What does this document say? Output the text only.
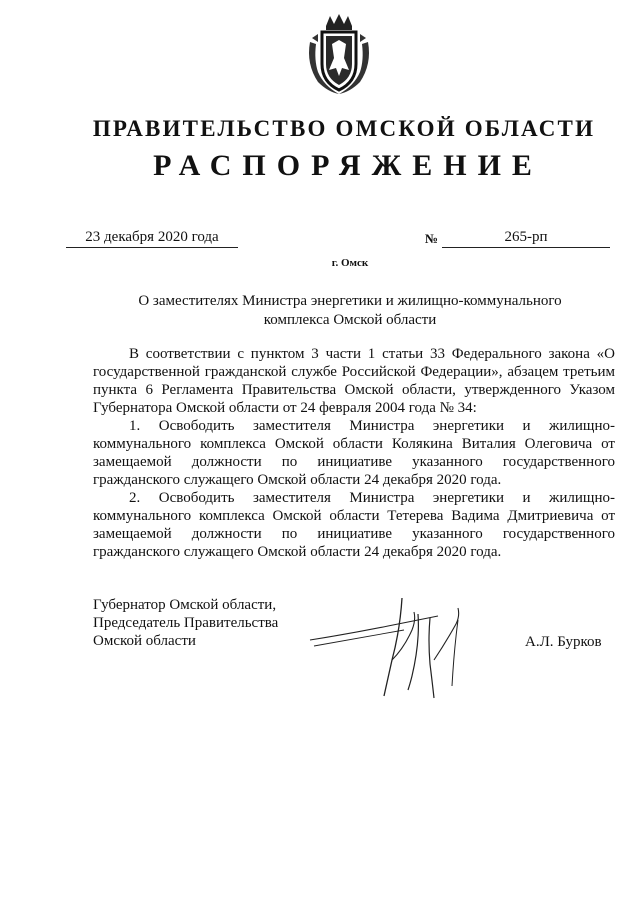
ПРАВИТЕЛЬСТВО ОМСКОЙ ОБЛАСТИ
РАСПОРЯЖЕНИЕ
23 декабря 2020 года	№	265-рп
г. Омск
О заместителях Министра энергетики и жилищно-коммунального
комплекса Омской области

В соответствии с пунктом 3 части 1 статьи 33 Федерального закона «О государственной гражданской службе Российской Федерации», абзацем третьим пункта 6 Регламента Правительства Омской области, утвержденного Указом Губернатора Омской области от 24 февраля 2004 года № 34:

1. Освободить заместителя Министра энергетики и жилищно-коммунального комплекса Омской области Колякина Виталия Олеговича от замещаемой должности по инициативе указанного государственного гражданского служащего Омской области 24 декабря 2020 года.

2. Освободить заместителя Министра энергетики и жилищно-коммунального комплекса Омской области Тетерева Вадима Дмитриевича от замещаемой должности по инициативе указанного государственного гражданского служащего Омской области 24 декабря 2020 года.

Губернатор Омской области,
Председатель Правительства
Омской области	А.Л. Бурков
